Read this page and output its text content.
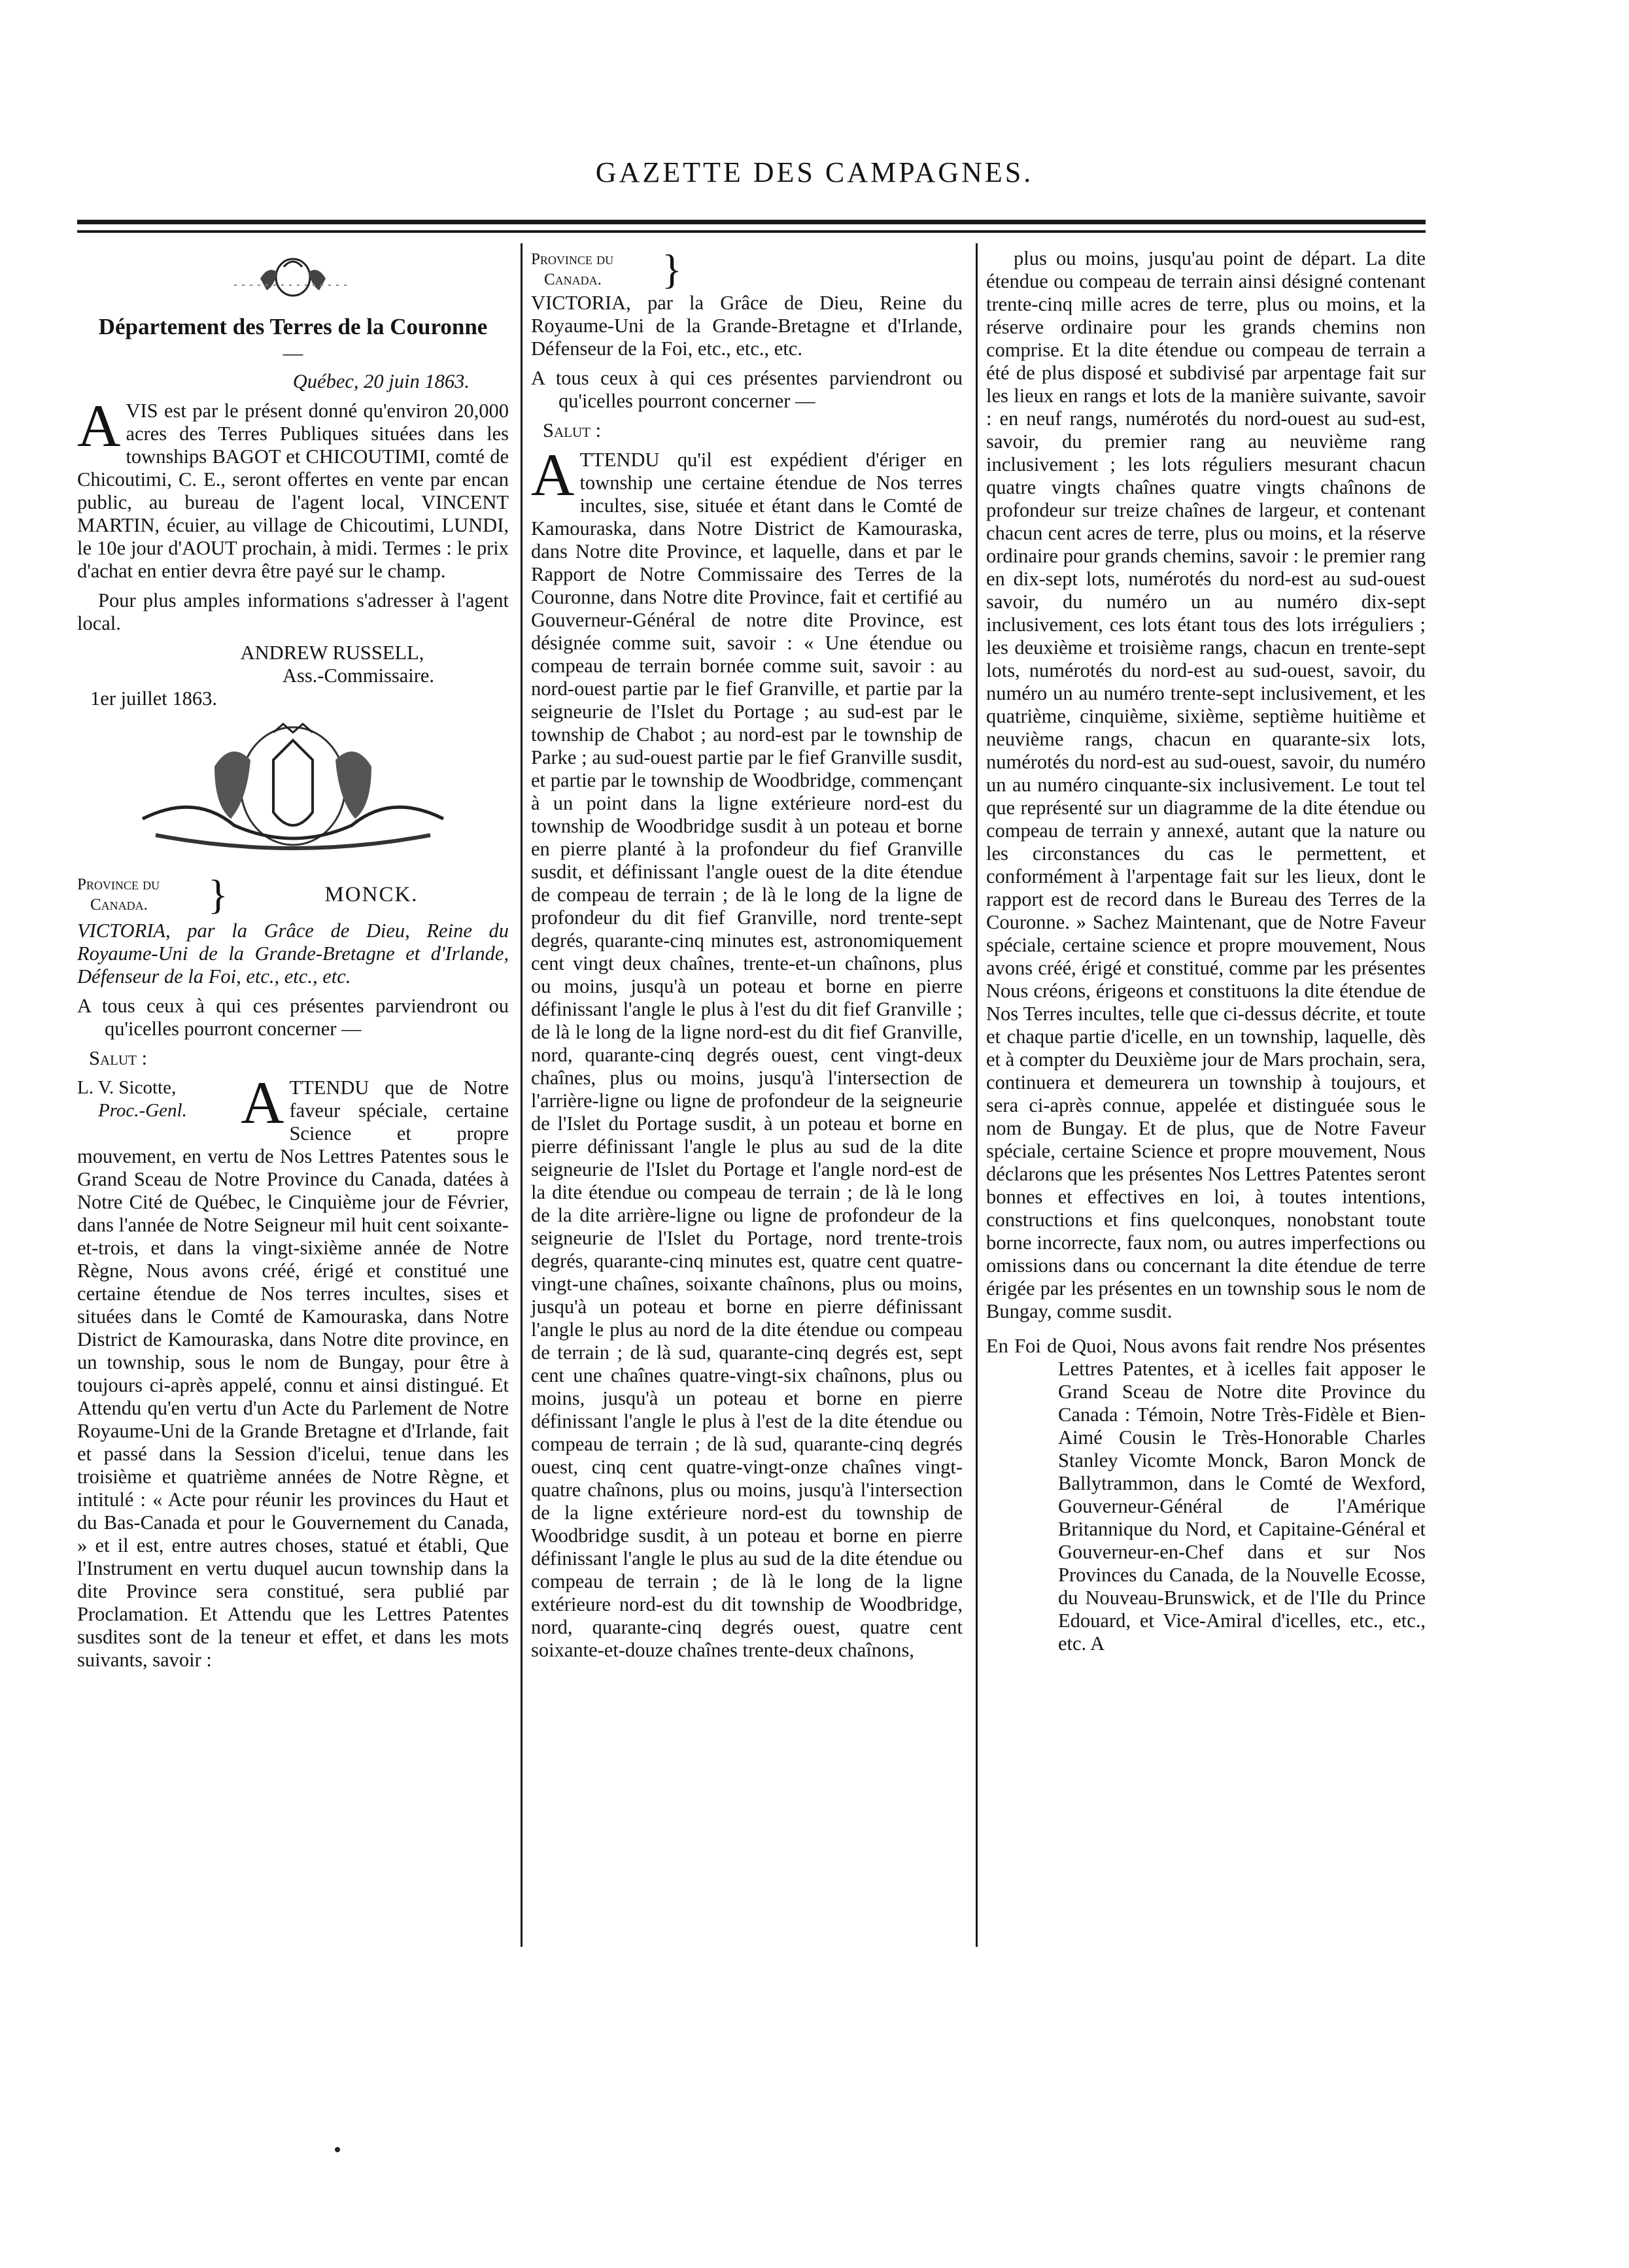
GAZETTE DES CAMPAGNES.
Département des Terres de la Couronne
—

Québec, 20 juin 1863.

AVIS est par le présent donné qu'environ 20,000 acres des Terres Publiques situées dans les townships BAGOT et CHICOUTIMI, comté de Chicoutimi, C. E., seront offertes en vente par encan public, au bureau de l'agent local, VINCENT MARTIN, écuier, au village de Chicoutimi, LUNDI, le 10e jour d'AOUT prochain, à midi. Termes : le prix d'achat en entier devra être payé sur le champ.

Pour plus amples informations s'adresser à l'agent local.

ANDREW RUSSELL,

Ass.-Commissaire.

1er juillet 1863.

Province du
Canada.	}	MONCK.

VICTORIA, par la Grâce de Dieu, Reine du Royaume-Uni de la Grande-Bretagne et d'Irlande, Défenseur de la Foi, etc., etc., etc.

A tous ceux à qui ces présentes parviendront ou qu'icelles pourront concerner —

Salut :

L. V. Sicotte,
Proc.-Genl. A TTENDU que de Notre faveur spéciale, certaine Science et propre mouvement, en vertu de Nos Lettres Patentes sous le Grand Sceau de Notre Province du Canada, datées à Notre Cité de Québec, le Cinquième jour de Février, dans l'année de Notre Seigneur mil huit cent soixante-et-trois, et dans la vingt-sixième année de Notre Règne, Nous avons créé, érigé et constitué une certaine étendue de Nos terres incultes, sises et situées dans le Comté de Kamouraska, dans Notre District de Kamouraska, dans Notre dite province, en un township, sous le nom de Bungay, pour être à toujours ci-après appelé, connu et ainsi distingué. Et Attendu qu'en vertu d'un Acte du Parlement de Notre Royaume-Uni de la Grande Bretagne et d'Irlande, fait et passé dans la Session d'icelui, tenue dans les troisième et quatrième années de Notre Règne, et intitulé : « Acte pour réunir les provinces du Haut et du Bas-Canada et pour le Gouvernement du Canada, » et il est, entre autres choses, statué et établi, Que l'Instrument en vertu duquel aucun township dans la dite Province sera constitué, sera publié par Proclamation. Et Attendu que les Lettres Patentes susdites sont de la teneur et effet, et dans les mots suivants, savoir :

Province du
Canada.	}

VICTORIA, par la Grâce de Dieu, Reine du Royaume-Uni de la Grande-Bretagne et d'Irlande, Défenseur de la Foi, etc., etc., etc.

A tous ceux à qui ces présentes parviendront ou qu'icelles pourront concerner —

Salut :

ATTENDU qu'il est expédient d'ériger en township une certaine étendue de Nos terres incultes, sise, située et étant dans le Comté de Kamouraska, dans Notre District de Kamouraska, dans Notre dite Province, et laquelle, dans et par le Rapport de Notre Commissaire des Terres de la Couronne, dans Notre dite Province, fait et certifié au Gouverneur-Général de notre dite Province, est désignée comme suit, savoir : « Une étendue ou compeau de terrain bornée comme suit, savoir : au nord-ouest partie par le fief Granville, et partie par la seigneurie de l'Islet du Portage ; au sud-est par le township de Chabot ; au nord-est par le township de Parke ; au sud-ouest partie par le fief Granville susdit, et partie par le township de Woodbridge, commençant à un point dans la ligne extérieure nord-est du township de Woodbridge susdit à un poteau et borne en pierre planté à la profondeur du fief Granville susdit, et définissant l'angle ouest de la dite étendue de compeau de terrain ; de là le long de la ligne de profondeur du dit fief Granville, nord trente-sept degrés, quarante-cinq minutes est, astronomiquement cent vingt deux chaînes, trente-et-un chaînons, plus ou moins, jusqu'à un poteau et borne en pierre définissant l'angle le plus à l'est du dit fief Granville ; de là le long de la ligne nord-est du dit fief Granville, nord, quarante-cinq degrés ouest, cent vingt-deux chaînes, plus ou moins, jusqu'à l'intersection de l'arrière-ligne ou ligne de profondeur de la seigneurie de l'Islet du Portage susdit, à un poteau et borne en pierre définissant l'angle le plus au sud de la dite seigneurie de l'Islet du Portage et l'angle nord-est de la dite étendue ou compeau de terrain ; de là le long de la dite arrière-ligne ou ligne de profondeur de la seigneurie de l'Islet du Portage, nord trente-trois degrés, quarante-cinq minutes est, quatre cent quatre-vingt-une chaînes, soixante chaînons, plus ou moins, jusqu'à un poteau et borne en pierre définissant l'angle le plus au nord de la dite étendue ou compeau de terrain ; de là sud, quarante-cinq degrés est, sept cent une chaînes quatre-vingt-six chaînons, plus ou moins, jusqu'à un poteau et borne en pierre définissant l'angle le plus à l'est de la dite étendue ou compeau de terrain ; de là sud, quarante-cinq degrés ouest, cinq cent quatre-vingt-onze chaînes vingt-quatre chaînons, plus ou moins, jusqu'à l'intersection de la ligne extérieure nord-est du township de Woodbridge susdit, à un poteau et borne en pierre définissant l'angle le plus au sud de la dite étendue ou compeau de terrain ; de là le long de la ligne extérieure nord-est du dit township de Woodbridge, nord, quarante-cinq degrés ouest, quatre cent soixante-et-douze chaînes trente-deux chaînons,

plus ou moins, jusqu'au point de départ. La dite étendue ou compeau de terrain ainsi désigné contenant trente-cinq mille acres de terre, plus ou moins, et la réserve ordinaire pour les grands chemins non comprise. Et la dite étendue ou compeau de terrain a été de plus disposé et subdivisé par arpentage fait sur les lieux en rangs et lots de la manière suivante, savoir : en neuf rangs, numérotés du nord-ouest au sud-est, savoir, du premier rang au neuvième rang inclusivement ; les lots réguliers mesurant chacun quatre vingts chaînes quatre vingts chaînons de profondeur sur treize chaînes de largeur, et contenant chacun cent acres de terre, plus ou moins, et la réserve ordinaire pour grands chemins, savoir : le premier rang en dix-sept lots, numérotés du nord-est au sud-ouest savoir, du numéro un au numéro dix-sept inclusivement, ces lots étant tous des lots irréguliers ; les deuxième et troisième rangs, chacun en trente-sept lots, numérotés du nord-est au sud-ouest, savoir, du numéro un au numéro trente-sept inclusivement, et les quatrième, cinquième, sixième, septième huitième et neuvième rangs, chacun en quarante-six lots, numérotés du nord-est au sud-ouest, savoir, du numéro un au numéro cinquante-six inclusivement. Le tout tel que représenté sur un diagramme de la dite étendue ou compeau de terrain y annexé, autant que la nature ou les circonstances du cas le permettent, et conformément à l'arpentage fait sur les lieux, dont le rapport est de record dans le Bureau des Terres de la Couronne. » Sachez Maintenant, que de Notre Faveur spéciale, certaine science et propre mouvement, Nous avons créé, érigé et constitué, comme par les présentes Nous créons, érigeons et constituons la dite étendue de Nos Terres incultes, telle que ci-dessus décrite, et toute et chaque partie d'icelle, en un township, laquelle, dès et à compter du Deuxième jour de Mars prochain, sera, continuera et demeurera un township à toujours, et sera ci-après connue, appelée et distinguée sous le nom de Bungay. Et de plus, que de Notre Faveur spéciale, certaine Science et propre mouvement, Nous déclarons que les présentes Nos Lettres Patentes seront bonnes et effectives en loi, à toutes intentions, constructions et fins quelconques, nonobstant toute borne incorrecte, faux nom, ou autres imperfections ou omissions dans ou concernant la dite étendue de terre érigée par les présentes en un township sous le nom de Bungay, comme susdit.

En Foi de Quoi, Nous avons fait rendre Nos présentes Lettres Patentes, et à icelles fait apposer le Grand Sceau de Notre dite Province du Canada : Témoin, Notre Très-Fidèle et Bien-Aimé Cousin le Très-Honorable Charles Stanley Vicomte Monck, Baron Monck de Ballytrammon, dans le Comté de Wexford, Gouverneur-Général de l'Amérique Britannique du Nord, et Capitaine-Général et Gouverneur-en-Chef dans et sur Nos Provinces du Canada, de la Nouvelle Ecosse, du Nouveau-Brunswick, et de l'Ile du Prince Edouard, et Vice-Amiral d'icelles, etc., etc., etc. A
